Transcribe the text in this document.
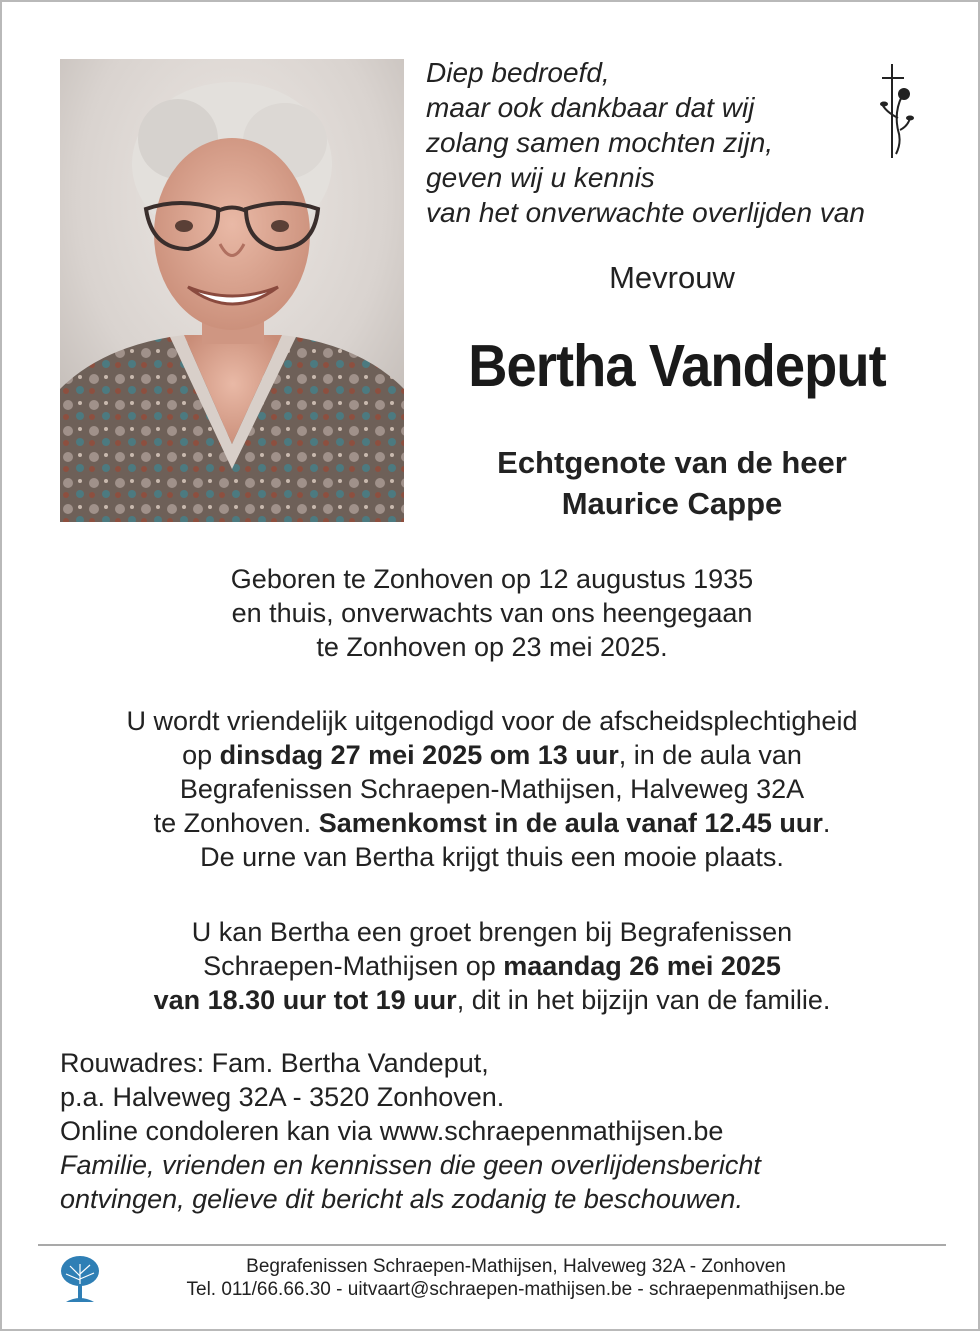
Diep bedroefd,
maar ook dankbaar dat wij
zolang samen mochten zijn,
geven wij u kennis
van het onverwachte overlijden van
Mevrouw
Bertha Vandeput
Echtgenote van de heer
Maurice Cappe
Geboren te Zonhoven op 12 augustus 1935
en thuis, onverwachts van ons heengegaan
te Zonhoven op 23 mei 2025.
U wordt vriendelijk uitgenodigd voor de afscheidsplechtigheid
op dinsdag 27 mei 2025 om 13 uur, in de aula van
Begrafenissen Schraepen-Mathijsen, Halveweg 32A
te Zonhoven. Samenkomst in de aula vanaf 12.45 uur.
De urne van Bertha krijgt thuis een mooie plaats.
U kan Bertha een groet brengen bij Begrafenissen
Schraepen-Mathijsen op maandag 26 mei 2025
van 18.30 uur tot 19 uur, dit in het bijzijn van de familie.
Rouwadres: Fam. Bertha Vandeput,
p.a. Halveweg 32A - 3520 Zonhoven.
Online condoleren kan via www.schraepenmathijsen.be
Familie, vrienden en kennissen die geen overlijdensbericht
ontvingen, gelieve dit bericht als zodanig te beschouwen.
Begrafenissen Schraepen-Mathijsen, Halveweg 32A - Zonhoven
Tel. 011/66.66.30 - uitvaart@schraepen-mathijsen.be - schraepenmathijsen.be
